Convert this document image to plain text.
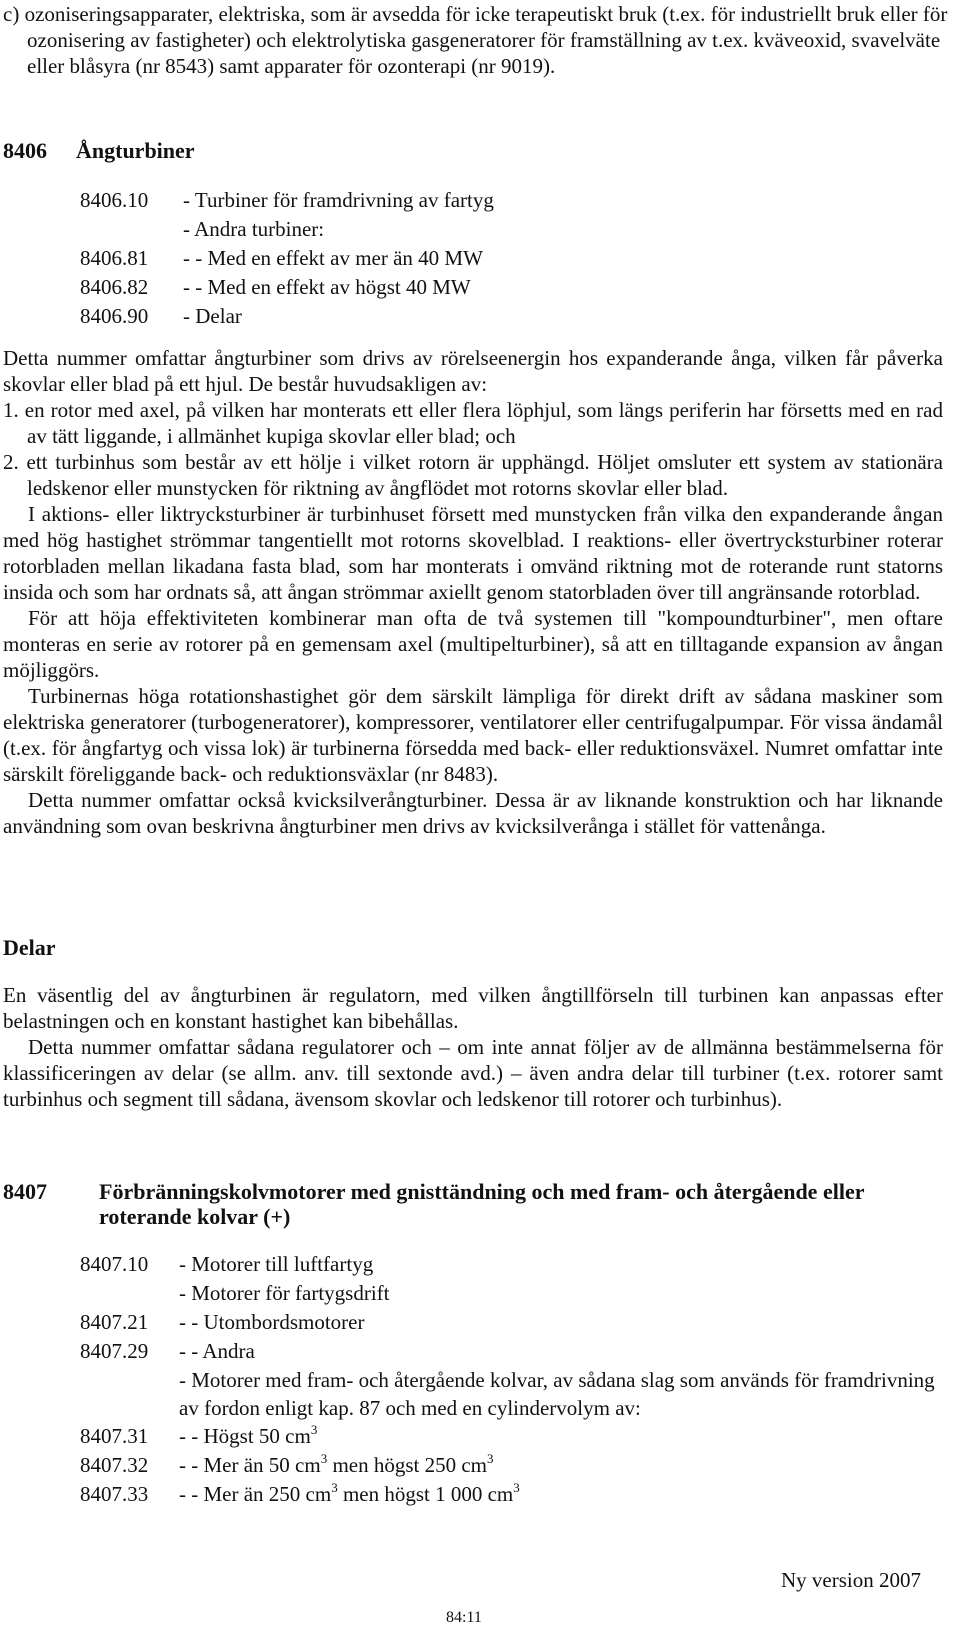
c) ozoniseringsapparater, elektriska, som är avsedda för icke terapeutiskt bruk (t.ex. för industriellt bruk eller för ozonisering av fastigheter) och elektrolytiska gasgeneratorer för framställning av t.ex. kväveoxid, svavelväte eller blåsyra (nr 8543) samt apparater för ozonterapi (nr 9019).

8406 Ångturbiner
8406.10	- Turbiner för framdrivning av fartyg
	- Andra turbiner:
8406.81	- - Med en effekt av mer än 40 MW
8406.82	- - Med en effekt av högst 40 MW
8406.90	- Delar

Detta nummer omfattar ångturbiner som drivs av rörelseenergin hos expanderande ånga, vilken får påverka skovlar eller blad på ett hjul. De består huvudsakligen av:

1. en rotor med axel, på vilken har monterats ett eller flera löphjul, som längs periferin har försetts med en rad av tätt liggande, i allmänhet kupiga skovlar eller blad; och

2. ett turbinhus som består av ett hölje i vilket rotorn är upphängd. Höljet omsluter ett system av stationära ledskenor eller munstycken för riktning av ångflödet mot rotorns skovlar eller blad.

I aktions- eller liktrycksturbiner är turbinhuset försett med munstycken från vilka den expanderande ångan med hög hastighet strömmar tangentiellt mot rotorns skovelblad. I reaktions- eller övertrycksturbiner roterar rotorbladen mellan likadana fasta blad, som har monterats i omvänd riktning mot de roterande runt statorns insida och som har ordnats så, att ångan strömmar axiellt genom statorbladen över till angränsande rotorblad.

För att höja effektiviteten kombinerar man ofta de två systemen till "kompoundturbiner", men oftare monteras en serie av rotorer på en gemensam axel (multipelturbiner), så att en tilltagande expansion av ångan möjliggörs.

Turbinernas höga rotationshastighet gör dem särskilt lämpliga för direkt drift av sådana maskiner som elektriska generatorer (turbogeneratorer), kompressorer, ventilatorer eller centrifugalpumpar. För vissa ändamål (t.ex. för ångfartyg och vissa lok) är turbinerna försedda med back- eller reduktionsväxel. Numret omfattar inte särskilt föreliggande back- och reduktionsväxlar (nr 8483).

Detta nummer omfattar också kvicksilverångturbiner. Dessa är av liknande konstruktion och har liknande användning som ovan beskrivna ångturbiner men drivs av kvicksilverånga i stället för vattenånga.

Delar

En väsentlig del av ångturbinen är regulatorn, med vilken ångtillförseln till turbinen kan anpassas efter belastningen och en konstant hastighet kan bibehållas.

Detta nummer omfattar sådana regulatorer och – om inte annat följer av de allmänna bestämmelserna för klassificeringen av delar (se allm. anv. till sextonde avd.) – även andra delar till turbiner (t.ex. rotorer samt turbinhus och segment till sådana, ävensom skovlar och ledskenor till rotorer och turbinhus).

8407	Förbränningskolvmotorer med gnisttändning och med fram- och återgående eller roterande kolvar (+)
8407.10	- Motorer till luftfartyg
	- Motorer för fartygsdrift
8407.21	- - Utombordsmotorer
8407.29	- - Andra
	- Motorer med fram- och återgående kolvar, av sådana slag som används för framdrivning av fordon enligt kap. 87 och med en cylindervolym av:
8407.31	- - Högst 50 $cm^3$
8407.32	- - Mer än 50 $cm^3$ men högst 250 $cm^3$
8407.33	- - Mer än 250 $cm^3$ men högst 1 000 $cm^3$
Ny version 2007
84:11
